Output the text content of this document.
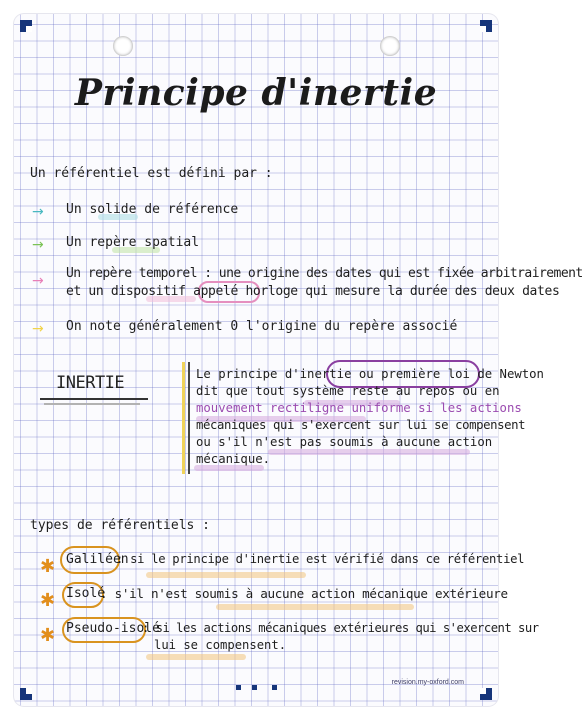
Principe d'inertie
Un référentiel est défini par :
→ Un solide de référence
→ Un repère spatial
→ Un repère temporel : une origine des dates qui est fixée arbitrairement
et un dispositif appelé horloge qui mesure la durée des deux dates
→ On note généralement 0 l'origine du repère associé
INERTIE	Le principe d'inertie ou première loi de Newton
dit que tout système reste au repos ou en
mouvement rectiligne uniforme si les actions
mécaniques qui s'exercent sur lui se compensent
ou s'il n'est pas soumis à aucune action
mécanique.
types de référentiels :
✱ Galiléen
: si le principe d'inertie est vérifié dans ce référentiel
✱ Isolé
: s'il n'est soumis à aucune action mécanique extérieure
✱ Pseudo-isolé
: si les actions mécaniques extérieures qui s'exercent sur
lui se compensent.
revision.my-oxford.com
